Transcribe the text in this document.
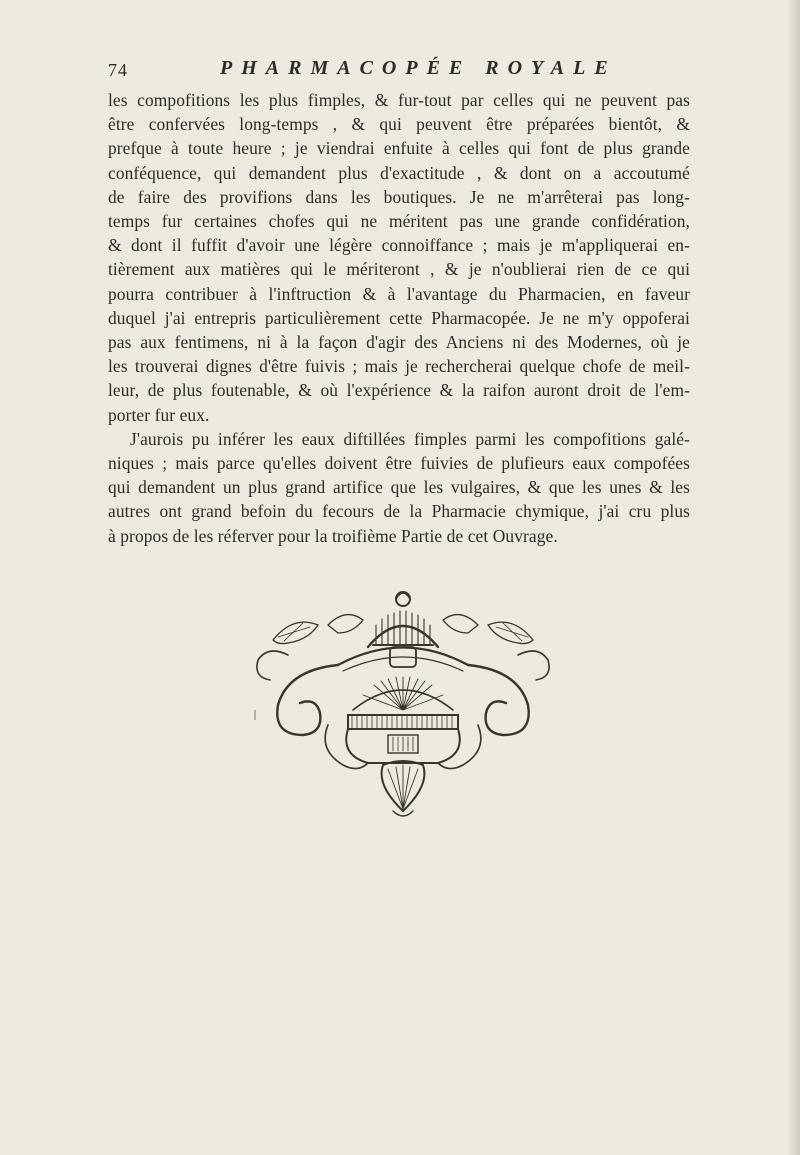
74	PHARMACOPÉE ROYALE
les compofitions les plus fimples, & fur-tout par celles qui ne peuvent pas
être confervées long-temps , & qui peuvent être préparées bientôt, &
prefque à toute heure ; je viendrai enfuite à celles qui font de plus grande
conféquence, qui demandent plus d'exactitude , & dont on a accoutumé
de faire des provifions dans les boutiques. Je ne m'arrêterai pas long-
temps fur certaines chofes qui ne méritent pas une grande confidération,
& dont il fuffit d'avoir une légère connoiffance ; mais je m'appliquerai en-
tièrement aux matières qui le mériteront , & je n'oublierai rien de ce qui
pourra contribuer à l'inftruction & à l'avantage du Pharmacien, en faveur
duquel j'ai entrepris particulièrement cette Pharmacopée. Je ne m'y oppoferai
pas aux fentimens, ni à la façon d'agir des Anciens ni des Modernes, où je
les trouverai dignes d'être fuivis ; mais je rechercherai quelque chofe de meil-
leur, de plus foutenable, & où l'expérience & la raifon auront droit de l'em-
porter fur eux.
J'aurois pu inférer les eaux diftillées fimples parmi les compofitions galé-
niques ; mais parce qu'elles doivent être fuivies de plufieurs eaux compofées
qui demandent un plus grand artifice que les vulgaires, & que les unes & les
autres ont grand befoin du fecours de la Pharmacie chymique, j'ai cru plus
à propos de les réferver pour la troifième Partie de cet Ouvrage.
